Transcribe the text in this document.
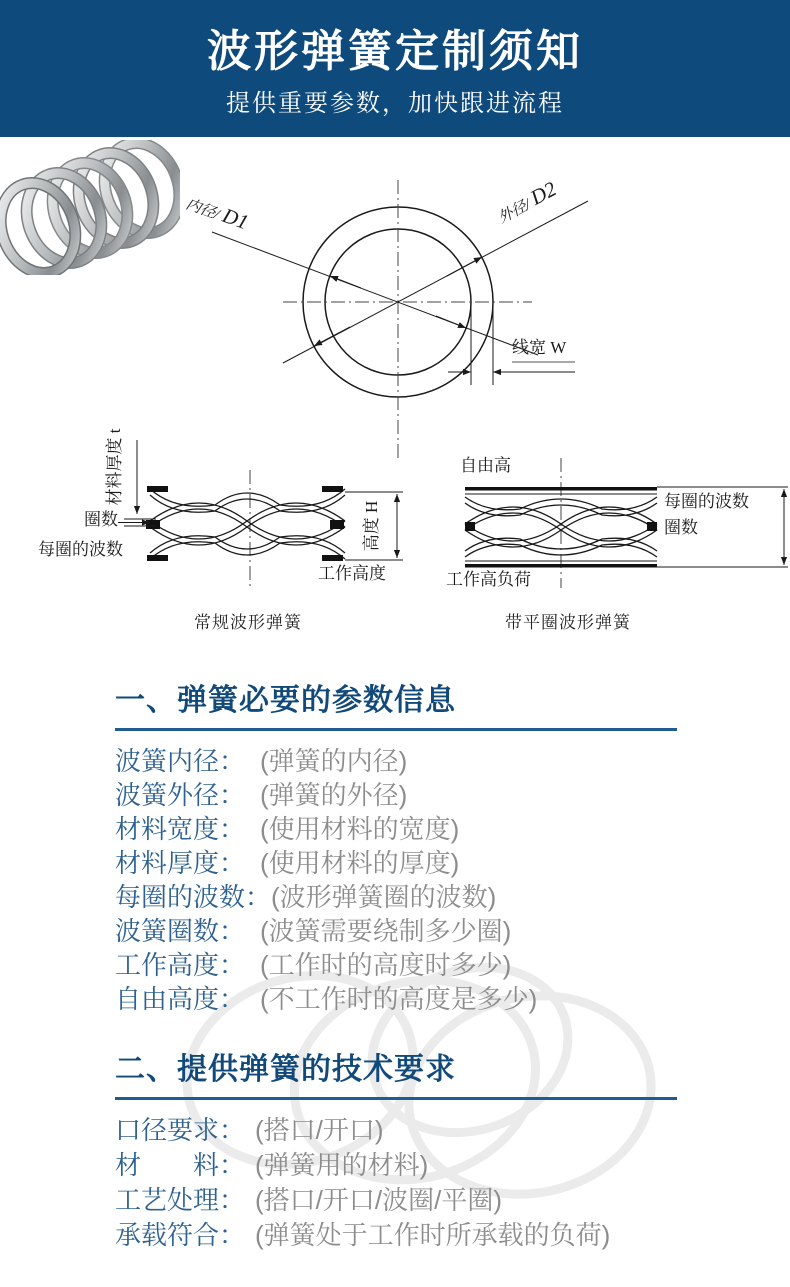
波形弹簧定制须知

提供重要参数，加快跟进流程

内径/ D1	外径/ D2
线宽 W
材料厚度 t
圈数
每圈的波数	高度 H
工作高度
常规波形弹簧
自由高
每圈的波数
圈数
工作高负荷
带平圈波形弹簧
一、弹簧必要的参数信息
波簧内径： (弹簧的内径)
波簧外径： (弹簧的外径)
材料宽度： (使用材料的宽度)
材料厚度： (使用材料的厚度)
每圈的波数： (波形弹簧圈的波数)
波簧圈数： (波簧需要绕制多少圈)
工作高度： (工作时的高度时多少)
自由高度： (不工作时的高度是多少)
二、提供弹簧的技术要求
口径要求： (搭口/开口)
材　　料： (弹簧用的材料)
工艺处理： (搭口/开口/波圈/平圈)
承载符合： (弹簧处于工作时所承载的负荷)
